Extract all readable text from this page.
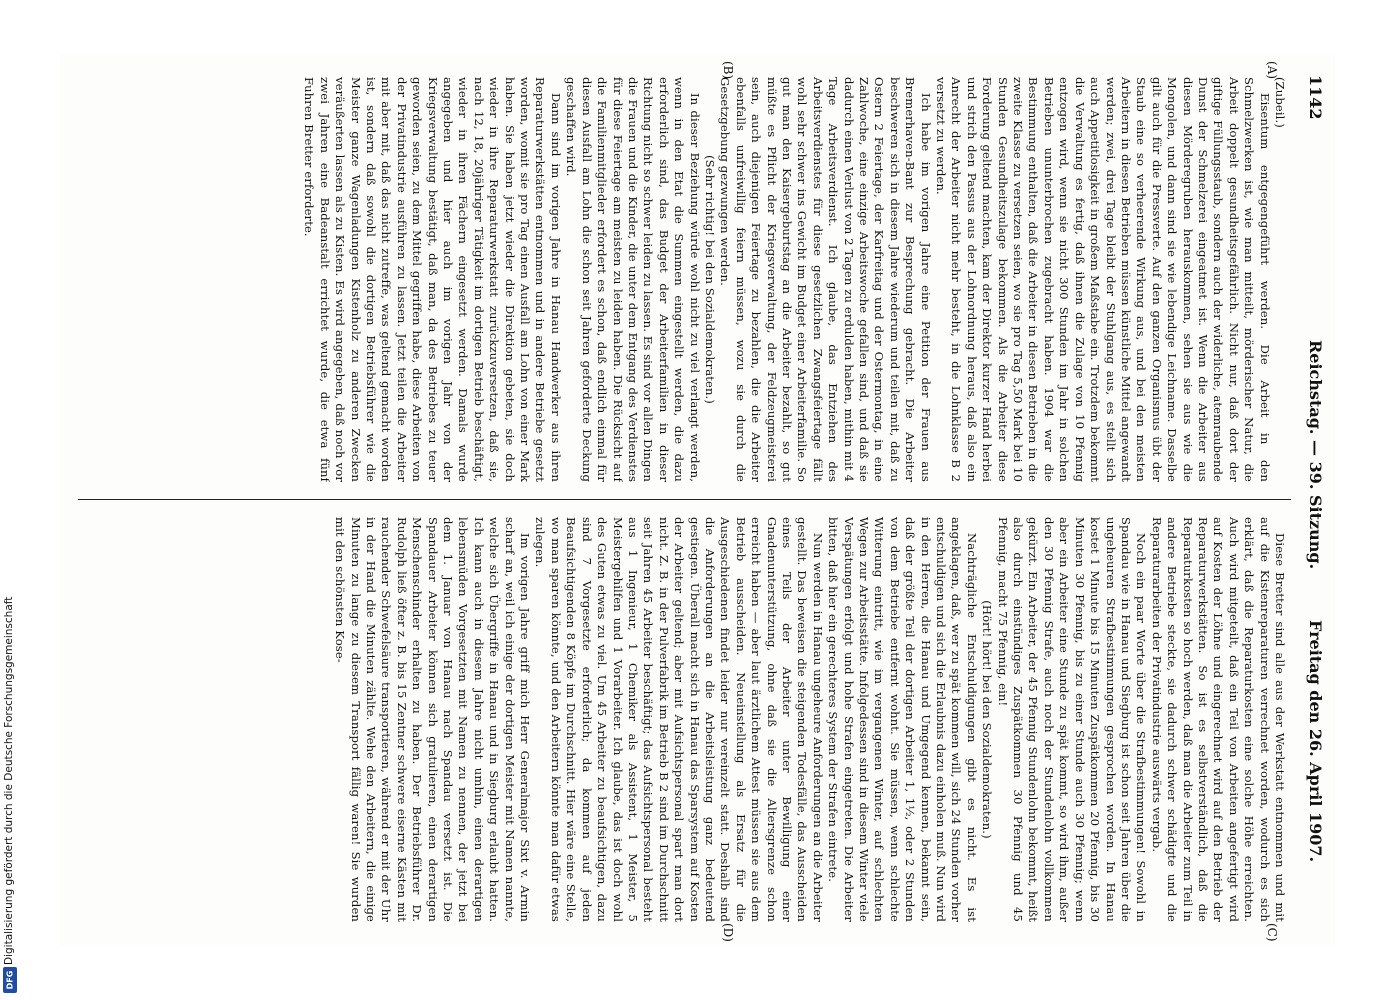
Digitalisierung gefördert durch die Deutsche Forschungsgemeinschaft
DFG
1142
Reichstag. — 39. Sitzung.
Freitag den 26. April 1907.
(A)
(B)
(C)
(D)

(Zubeil.)

Eisentum entgegengeführt werden. Die Arbeit in den Schmelzwerken ist, wie man mitteilt, mörderischer Natur, die Arbeit doppelt gesundheitsgefährlich. Nicht nur, daß dort der giftige Füllungsstaub, sondern auch der widerliche, atemraubende Dunst der Schmelzerei eingeatmet ist. Wenn die Arbeiter aus diesen Mörderegruben herauskommen, sehen sie aus wie die Mongolen, und dann sind sie wie lebendige Leichname. Dasselbe gilt auch für die Pressverte. Auf den ganzen Organismus übt der Staub eine so verheerende Wirkung aus, und bei den meisten Arbeitern in diesen Betrieben müssen künstliche Mittel angewandt werden; zwei, drei Tage bleibt der Stuhlgang aus, es stellt sich auch Appetitlosigkeit in großem Maßstabe ein. Trotzdem bekommt die Verwaltung es fertig, daß ihnen die Zulage von 10 Pfennig entzogen wird, wenn sie nicht 300 Stunden im Jahr in solchen Betrieben ununterbrochen zugebracht haben. 1904 war die Bestimmung enthalten, daß die Arbeiter in diesen Betrieben in die zweite Klasse zu versetzen seien, wo sie pro Tag 5,50 Mark bei 10 Stunden Gesundheitszulage bekommen. Als die Arbeiter diese Forderung geltend machten, kam der Direktor kurzer Hand herbei und strich den Passus aus der Lohnordnung heraus, daß also ein Anrecht der Arbeiter nicht mehr besteht, in die Lohnklasse B 2 versetzt zu werden.

Ich habe im vorigen Jahre eine Petition der Frauen aus Bremerhaven-Bant zur Besprechung gebracht. Die Arbeiter beschweren sich in diesem Jahre wiederum und teilen mit, daß zu Ostern 2 Feiertage, der Karfreitag und der Ostermontag, in eine Zahlwoche, eine einzige Arbeitswoche gefallen sind, und daß sie dadurch einen Verlust von 2 Tagen zu erdulden haben, mithin mit 4 Tage Arbeitsverdienst. Ich glaube, das Entziehen des Arbeitsverdienstes für diese gesetzlichen Zwangsfeiertage fällt wohl sehr schwer ins Gewicht im Budget einer Arbeiterfamilie. So gut man den Kaisergeburtstag an die Arbeiter bezahlt, so gut müßte es Pflicht der Kriegsverwaltung, der Feldzeugmeisterei sein, auch diejenigen Feiertage zu bezahlen, die die Arbeiter ebenfalls unfreiwillig feiern müssen, wozu sie durch die Gesetzgebung gezwungen werden.

(Sehr richtig! bei den Sozialdemokraten.)

In dieser Beziehung würde wohl nicht zu viel verlangt werden, wenn in den Etat die Summen eingestellt werden, die dazu erforderlich sind, das Budget der Arbeiterfamilien in dieser Richtung nicht so schwer leiden zu lassen. Es sind vor allen Dingen die Frauen und die Kinder, die unter dem Entgang des Verdienstes für diese Feiertage am meisten zu leiden haben. Die Rücksicht auf die Familienmitglieder erfordert es schon, daß endlich einmal für diesen Ausfall am Lohn die schon seit Jahren geforderte Deckung geschaffen wird.

Dann sind im vorigen Jahre in Hanau Handwerker aus ihren Reparaturwerkstätten entnommen und in andere Betriebe gesetzt worden, womit sie pro Tag einen Ausfall am Lohn von einer Mark haben. Sie haben jetzt wieder die Direktion gebeten, sie doch wieder in ihre Reparaturwerkstatt zurückzuversetzen, daß sie, nach 12, 18, 20jähriger Tätigkeit im dortigen Betrieb beschäftigt, wieder in ihren Fächern eingesetzt werden. Damals wurde angegeben und hier auch im vorigen Jahr von der Kriegsverwaltung bestätigt, daß man, da des Betriebes zu teuer geworden seien, zu dem Mittel gegriffen habe, diese Arbeiten von der Privatindustrie ausführen zu lassen. Jetzt teilen die Arbeiter mit aber mit, daß das nicht zutreffe, was geltend gemacht worden ist, sondern daß sowohl die dortigen Betriebsführer wie die Meister ganze Wagenladungen Kistenholz zu anderen Zwecken veräußerten lassen als zu Kisten. Es wird angegeben, daß noch vor zwei Jahren eine Badeanstalt errichtet wurde, die etwa fünf Fuhren Bretter erforderte.

Diese Bretter sind alle aus der Werkstatt entnommen und mit auf die Kistenreparaturen verrechnet worden, wodurch es sich erklärt, daß die Reparaturkosten eine solche Höhe erreichten. Auch wird mitgeteilt, daß ein Teil von Arbeiten angefertigt wird auf Kosten der Löhne und eingerechnet wird auf den Betrieb der Reparaturwerkstätten. So ist es selbstverständlich, daß die Reparaturkosten so hoch werden, daß man die Arbeiter zum Teil in andere Betriebe steckte, sie dadurch schwer schädigte und die Reparaturarbeiten der Privatindustrie auswärts vergab.

Noch ein paar Worte über die Strafbestimmungen! Sowohl in Spandau wie in Hanau und Siegburg ist schon seit Jahren über die ungeheuren Strafbestimmungen gesprochen worden. In Hanau kostet 1 Minute bis 15 Minuten Zuspätkommen 20 Pfennig, bis 30 Minuten 30 Pfennig, bis zu einer Stunde auch 30 Pfennig; wenn aber ein Arbeiter eine Stunde zu spät kommt, so wird ihm, außer den 30 Pfennig Strafe, auch noch der Stundenlohn vollkommen gekürzt. Ein Arbeiter, der 45 Pfennig Stundenlohn bekommt, heißt also durch einstündiges Zuspätkommen 30 Pfennig und 45 Pfennig, macht 75 Pfennig, ein!

(Hört! hört! bei den Sozialdemokraten.)

Nachträgliche Entschuldigungen gibt es nicht. Es ist angeklagen, daß, wer zu spät kommen will, sich 24 Stunden vorher entschuldigen und sich die Erlaubnis dazu einholen muß. Nun wird in den Herren, die Hanau und Umgegend kennen, bekannt sein, daß der größte Teil der dortigen Arbeiter 1, 1½, oder 2 Stunden von dem Betriebe entfernt wohnt. Sie müssen, wenn schlechte Witterung eintritt, wie im vergangenen Winter, auf schlechten Wegen zur Arbeitsstätte. Infolgedessen sind in diesem Winter viele Verspätungen erfolgt und hohe Strafen eingetreten. Die Arbeiter bitten, daß hier ein gerechteres System der Strafen eintrete.

Nun werden in Hanau ungeheure Anforderungen an die Arbeiter gestellt. Das beweisen die steigenden Todesfälle, das Ausscheiden eines Teils der Arbeiter unter Bewilligung einer Gnadenunterstützung, ohne daß sie die Altersgrenze schon erreicht haben — aber laut ärztlichem Attest müssen sie aus dem Betrieb ausscheiden. Neueinstellung als Ersatz für die Ausgeschiedenen findet leider nur vereinzelt statt. Deshalb sind die Anforderungen an die Arbeitsleistung ganz bedeutend gestiegen. Überall macht sich in Hanau das Sparsystem auf Kosten der Arbeiter geltend; aber mit Aufsichtspersonal spart man dort nicht. Z. B. in der Pulverfabrik im Betrieb B 2 sind im Durchschnitt seit Jahren 45 Arbeiter beschäftigt; das Aufsichtspersonal besteht aus 1 Ingenieur, 1 Chemiker als Assistent, 1 Meister, 5 Meistergehilfen und 1 Vorarbeiter. Ich glaube, das ist doch wohl des Guten etwas zu viel. Um 45 Arbeiter zu beaufsichtigen, dazu sind 7 Vorgesetzte erforderlich; da kommen auf jeden Beaufsichtigenden 8 Köpfe im Durchschnitt. Hier wäre eine Stelle, wo man sparen könnte, und den Arbeitern könnte man dafür etwas zulegen.

Im vorigen Jahre griff mich Herr Generalmajor Sixt v. Armin scharf an, weil ich einige der dortigen Meister mit Namen nannte, welche sich Übergriffe in Hanau und in Siegburg erlaubt hatten. Ich kann auch in diesem Jahre nicht umhin, einen derartigen lebensmüden Vorgesetzten mit Namen zu nennen, der jetzt bei dem 1. Januar von Hanau nach Spandau versetzt ist. Die Spandauer Arbeiter können sich gratulieren, einen derartigen Menschenschinder erhalten zu haben. Der Betriebsführer Dr. Rudolph ließ öfter z. B. bis 15 Zentner schwere eiserne Kästen mit rauchender Schwefelsäure transportieren, während er mit der Uhr in der Hand die Minuten zählte. Wehe den Arbeitern, die einige Minuten zu lange zu diesem Transport fällig waren! Sie wurden mit den schönsten Kose-
